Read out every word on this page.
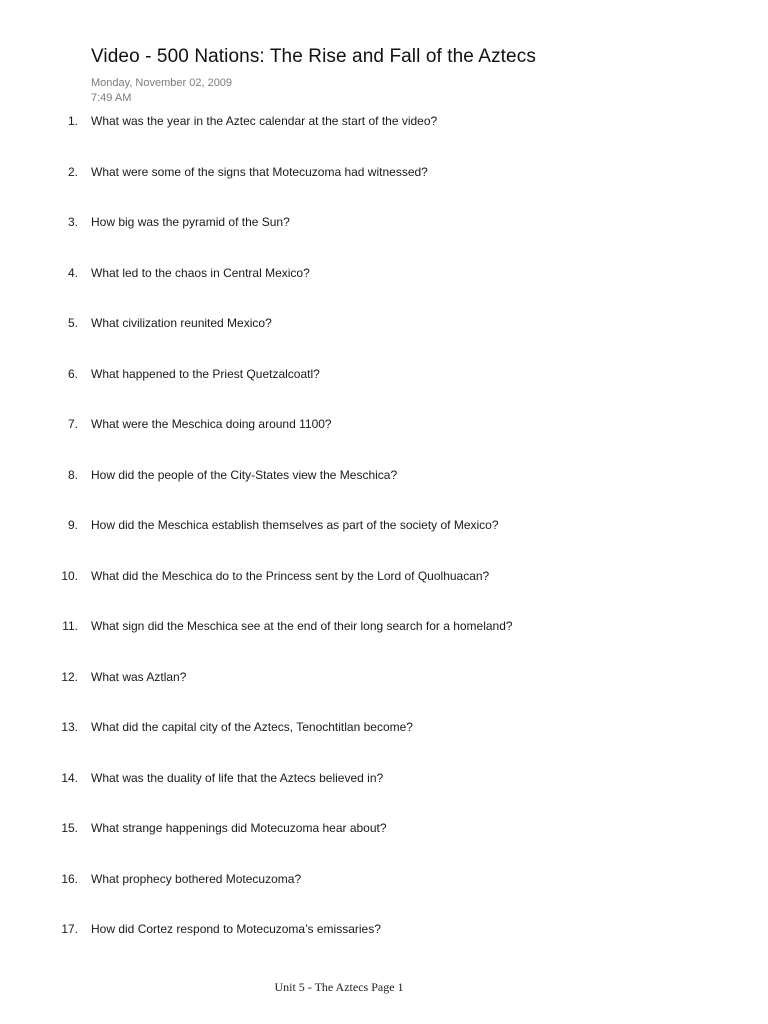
Video - 500 Nations: The Rise and Fall of the Aztecs
Monday, November 02, 2009
7:49 AM
1. What was the year in the Aztec calendar at the start of the video?
2. What were some of the signs that Motecuzoma had witnessed?
3. How big was the pyramid of the Sun?
4. What led to the chaos in Central Mexico?
5. What civilization reunited Mexico?
6. What happened to the Priest Quetzalcoatl?
7. What were the Meschica doing around 1100?
8. How did the people of the City-States view the Meschica?
9. How did the Meschica establish themselves as part of the society of Mexico?
10. What did the Meschica do to the Princess sent by the Lord of Quolhuacan?
11. What sign did the Meschica see at the end of their long search for a homeland?
12. What was Aztlan?
13. What did the capital city of the Aztecs, Tenochtitlan become?
14. What was the duality of life that the Aztecs believed in?
15. What strange happenings did Motecuzoma hear about?
16. What prophecy bothered Motecuzoma?
17. How did Cortez respond to Motecuzoma’s emissaries?
Unit 5 - The Aztecs Page 1
